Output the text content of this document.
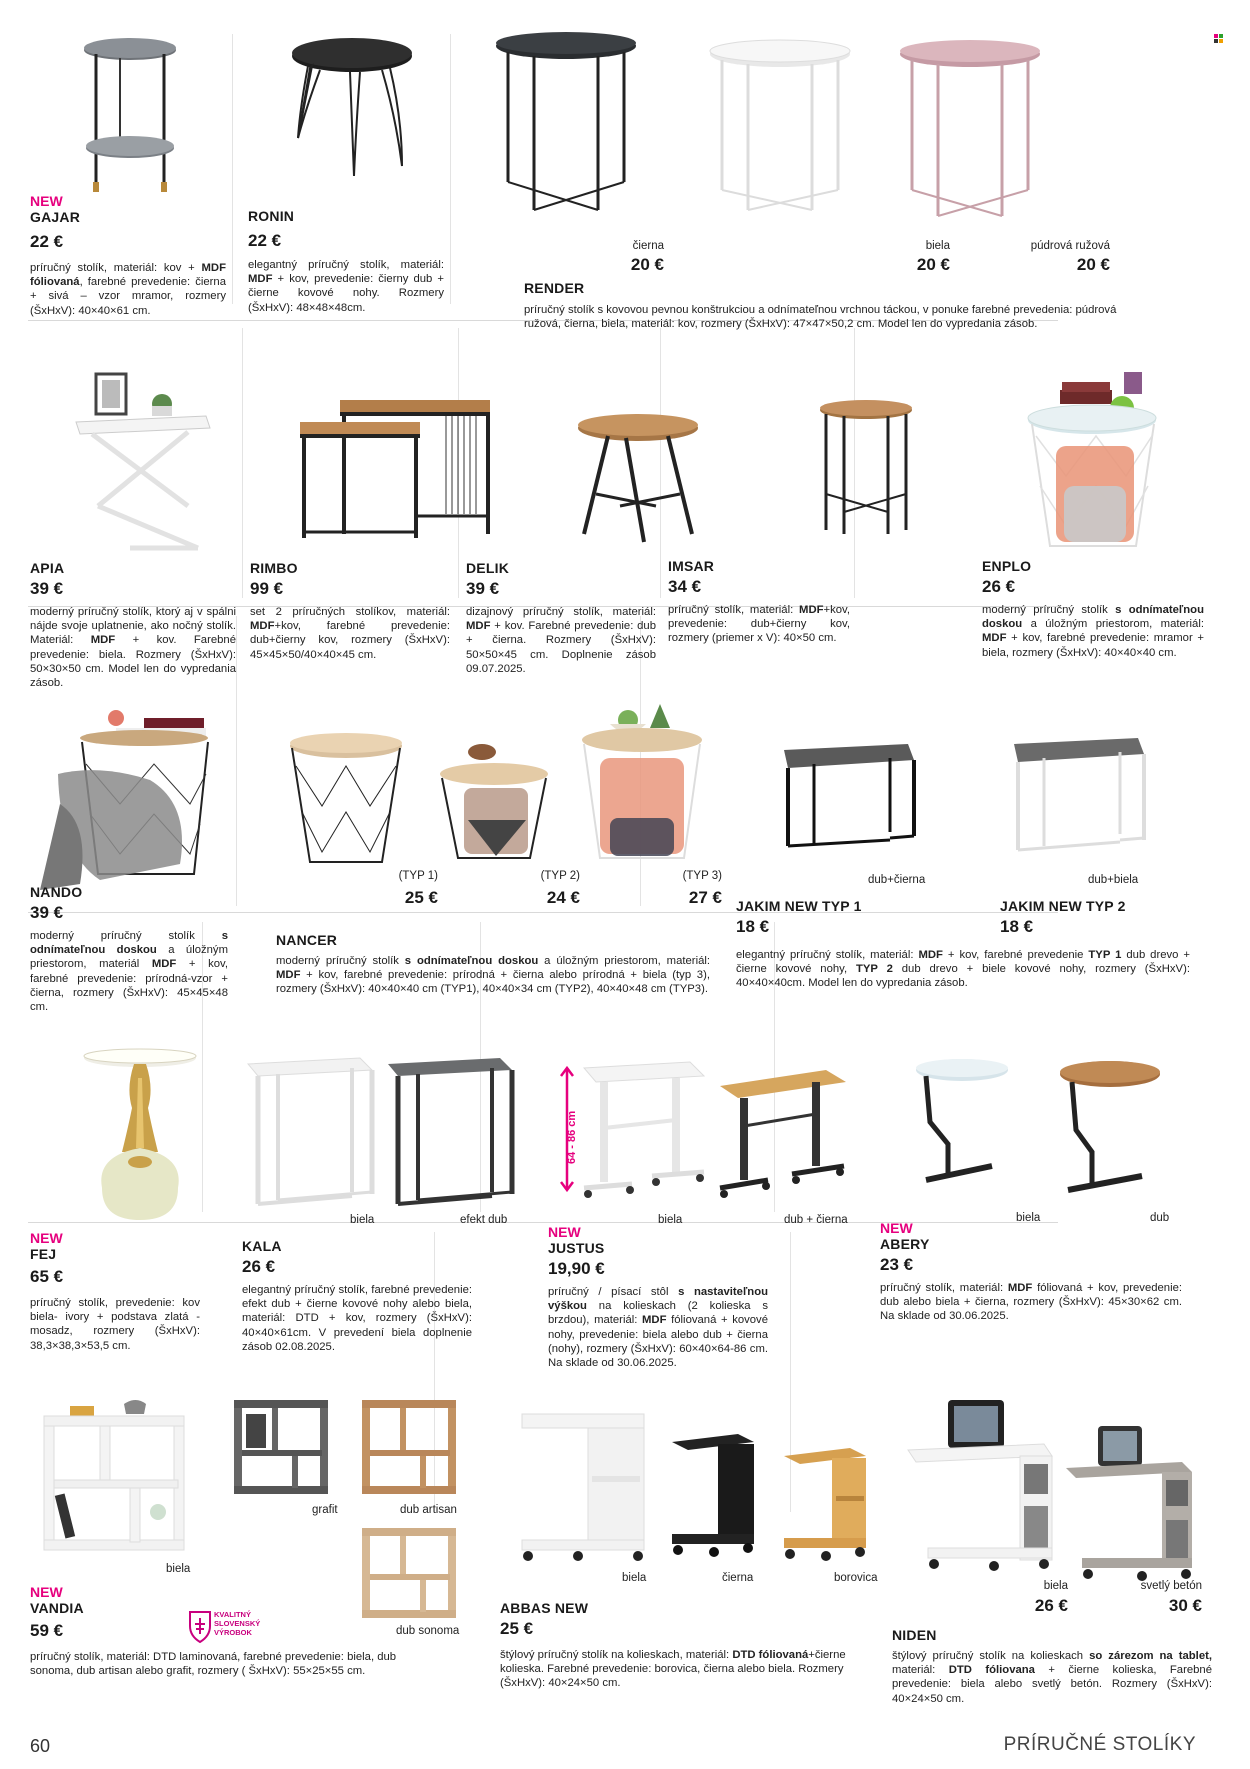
NEW
GAJAR
22 €
príručný stolík, materiál: kov + MDF fóliovaná, farebné prevedenie: čierna + sivá – vzor mramor, rozmery (ŠxHxV): 40×40×61 cm.
RONIN
22 €
elegantný príručný stolík, materiál: MDF + kov, prevedenie: čierny dub + čierne kovové nohy. Rozmery (ŠxHxV): 48×48×48cm.
čierna
20 €
biela
20 €
púdrová ružová
20 €
RENDER
príručný stolík s kovovou pevnou konštrukciou a odnímateľnou vrchnou táckou, v ponuke farebné prevedenia: púdrová ružová, čierna, biela, materiál: kov, rozmery (ŠxHxV): 47×47×50,2 cm. Model len do vypredania zásob.
APIA
39 €
moderný príručný stolík, ktorý aj v spálni nájde svoje uplatnenie, ako nočný stolík. Materiál: MDF + kov. Farebné prevedenie: biela. Rozmery (ŠxHxV): 50×30×50 cm. Model len do vypredania zásob.
RIMBO
99 €
set 2 príručných stolíkov, materiál: MDF+kov, farebné prevedenie: dub+čierny kov, rozmery (ŠxHxV): 45×45×50/40×40×45 cm.
DELIK
39 €
dizajnový príručný stolík, materiál: MDF + kov. Farebné prevedenie: dub + čierna. Rozmery (ŠxHxV): 50×50×45 cm. Doplnenie zásob 09.07.2025.
IMSAR
34 €
príručný stolík, materiál: MDF+kov, prevedenie: dub+čierny kov, rozmery (priemer x V): 40×50 cm.
ENPLO
26 €
moderný príručný stolík s odnímateľnou doskou a úložným priestorom, materiál: MDF + kov, farebné prevedenie: mramor + biela, rozmery (ŠxHxV): 40×40×40 cm.
NANDO
39 €
moderný príručný stolík s odnímateľnou doskou a úložným priestorom, materiál MDF + kov, farebné prevedenie: prírodná-vzor + čierna, rozmery (ŠxHxV): 45×45×48 cm.
(TYP 1)
25 €
(TYP 2)
24 €
(TYP 3)
27 €
NANCER
moderný príručný stolík s odnímateľnou doskou a úložným priestorom, materiál: MDF + kov, farebné prevedenie: prírodná + čierna alebo prírodná + biela (typ 3), rozmery (ŠxHxV): 40×40×40 cm (TYP1), 40×40×34 cm (TYP2), 40×40×48 cm (TYP3).
dub+čierna	dub+biela
JAKIM NEW TYP 1
18 €
JAKIM NEW TYP 2
18 €
elegantný príručný stolík, materiál: MDF + kov, farebné prevedenie TYP 1 dub drevo + čierne kovové nohy, TYP 2 dub drevo + biele kovové nohy, rozmery (ŠxHxV): 40×40×40cm. Model len do vypredania zásob.
NEW
FEJ
65 €
príručný stolík, prevedenie: kov biela- ivory + podstava zlatá - mosadz, rozmery (ŠxHxV): 38,3×38,3×53,5 cm.
biela	efekt dub
KALA
26 €
elegantný príručný stolík, farebné prevedenie: efekt dub + čierne kovové nohy alebo biela, materiál: DTD + kov, rozmery (ŠxHxV): 40×40×61cm. V prevedení biela doplnenie zásob 02.08.2025.
64 - 86 cm
biela	dub + čierna
NEW
JUSTUS
19,90 €
príručný / písací stôl s nastaviteľnou výškou na kolieskach (2 kolieska s brzdou), materiál: MDF fóliovaná + kovové nohy, prevedenie: biela alebo dub + čierna (nohy), rozmery (ŠxHxV): 60×40×64-86 cm. Na sklade od 30.06.2025.
biela	dub
NEW
ABERY
23 €
príručný stolík, materiál: MDF fóliovaná + kov, prevedenie: dub alebo biela + čierna, rozmery (ŠxHxV): 45×30×62 cm. Na sklade od 30.06.2025.
biela
grafit	dub artisan
dub sonoma
KVALITNÝ SLOVENSKÝ VÝROBOK
NEW
VANDIA
59 €
príručný stolík, materiál: DTD laminovaná, farebné prevedenie: biela, dub sonoma, dub artisan alebo grafit, rozmery ( ŠxHxV): 55×25×55 cm.
biela	čierna	borovica
ABBAS NEW
25 €
štýlový príručný stolík na kolieskach, materiál: DTD fóliovaná+čierne kolieska. Farebné prevedenie: borovica, čierna alebo biela. Rozmery (ŠxHxV): 40×24×50 cm.
biela
26 €
svetlý betón
30 €
NIDEN
štýlový príručný stolík na kolieskach so zárezom na tablet, materiál: DTD fóliovana + čierne kolieska, Farebné prevedenie: biela alebo svetlý betón. Rozmery (ŠxHxV): 40×24×50 cm.
60	PRÍRUČNÉ STOLÍKY
